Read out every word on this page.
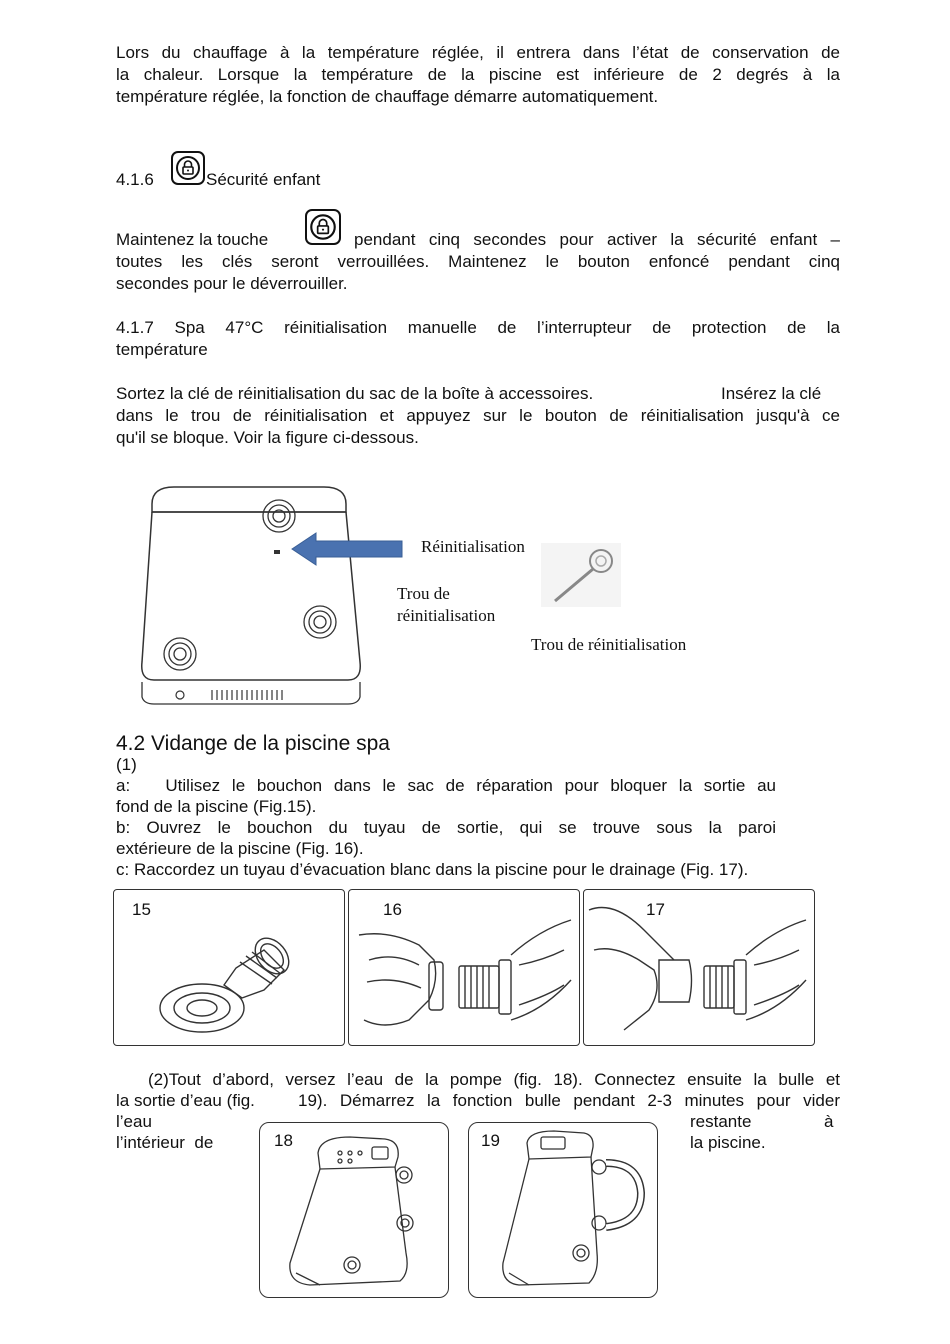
Lors du chauffage à la température réglée, il entrera dans l’état de conservation de
la chaleur. Lorsque la température de la piscine est inférieure de 2 degrés à la
température réglée, la fonction de chauffage démarre automatiquement.
4.1.6	Sécurité enfant
Maintenez la touche	pendant cinq secondes pour activer la sécurité enfant –
toutes les clés seront verrouillées. Maintenez le bouton enfoncé pendant cinq
secondes pour le déverrouiller.
4.1.7 Spa 47°C réinitialisation manuelle de l’interrupteur de protection de la
température
Sortez la clé de réinitialisation du sac de la boîte à accessoires.	Insérez la clé
dans le trou de réinitialisation et appuyez sur le bouton de réinitialisation jusqu'à ce
qu'il se bloque. Voir la figure ci-dessous.
Réinitialisation
Trou de
réinitialisation
Trou de réinitialisation
4.2 Vidange de la piscine spa
(1)
a:   Utilisez le bouchon dans le sac de réparation pour bloquer la sortie au
fond de la piscine (Fig.15).
b: Ouvrez le bouchon du tuyau de sortie, qui se trouve sous la paroi
extérieure de la piscine (Fig. 16).
c: Raccordez un tuyau d’évacuation blanc dans la piscine pour le drainage (Fig. 17).
15	16	17
(2)Tout d’abord, versez l’eau de la pompe (fig. 18). Connectez ensuite la bulle et
la sortie d’eau (fig.	19). Démarrez la fonction bulle pendant 2-3 minutes pour vider
l’eau	restante	à
l’intérieur  de	la piscine.
18	19
